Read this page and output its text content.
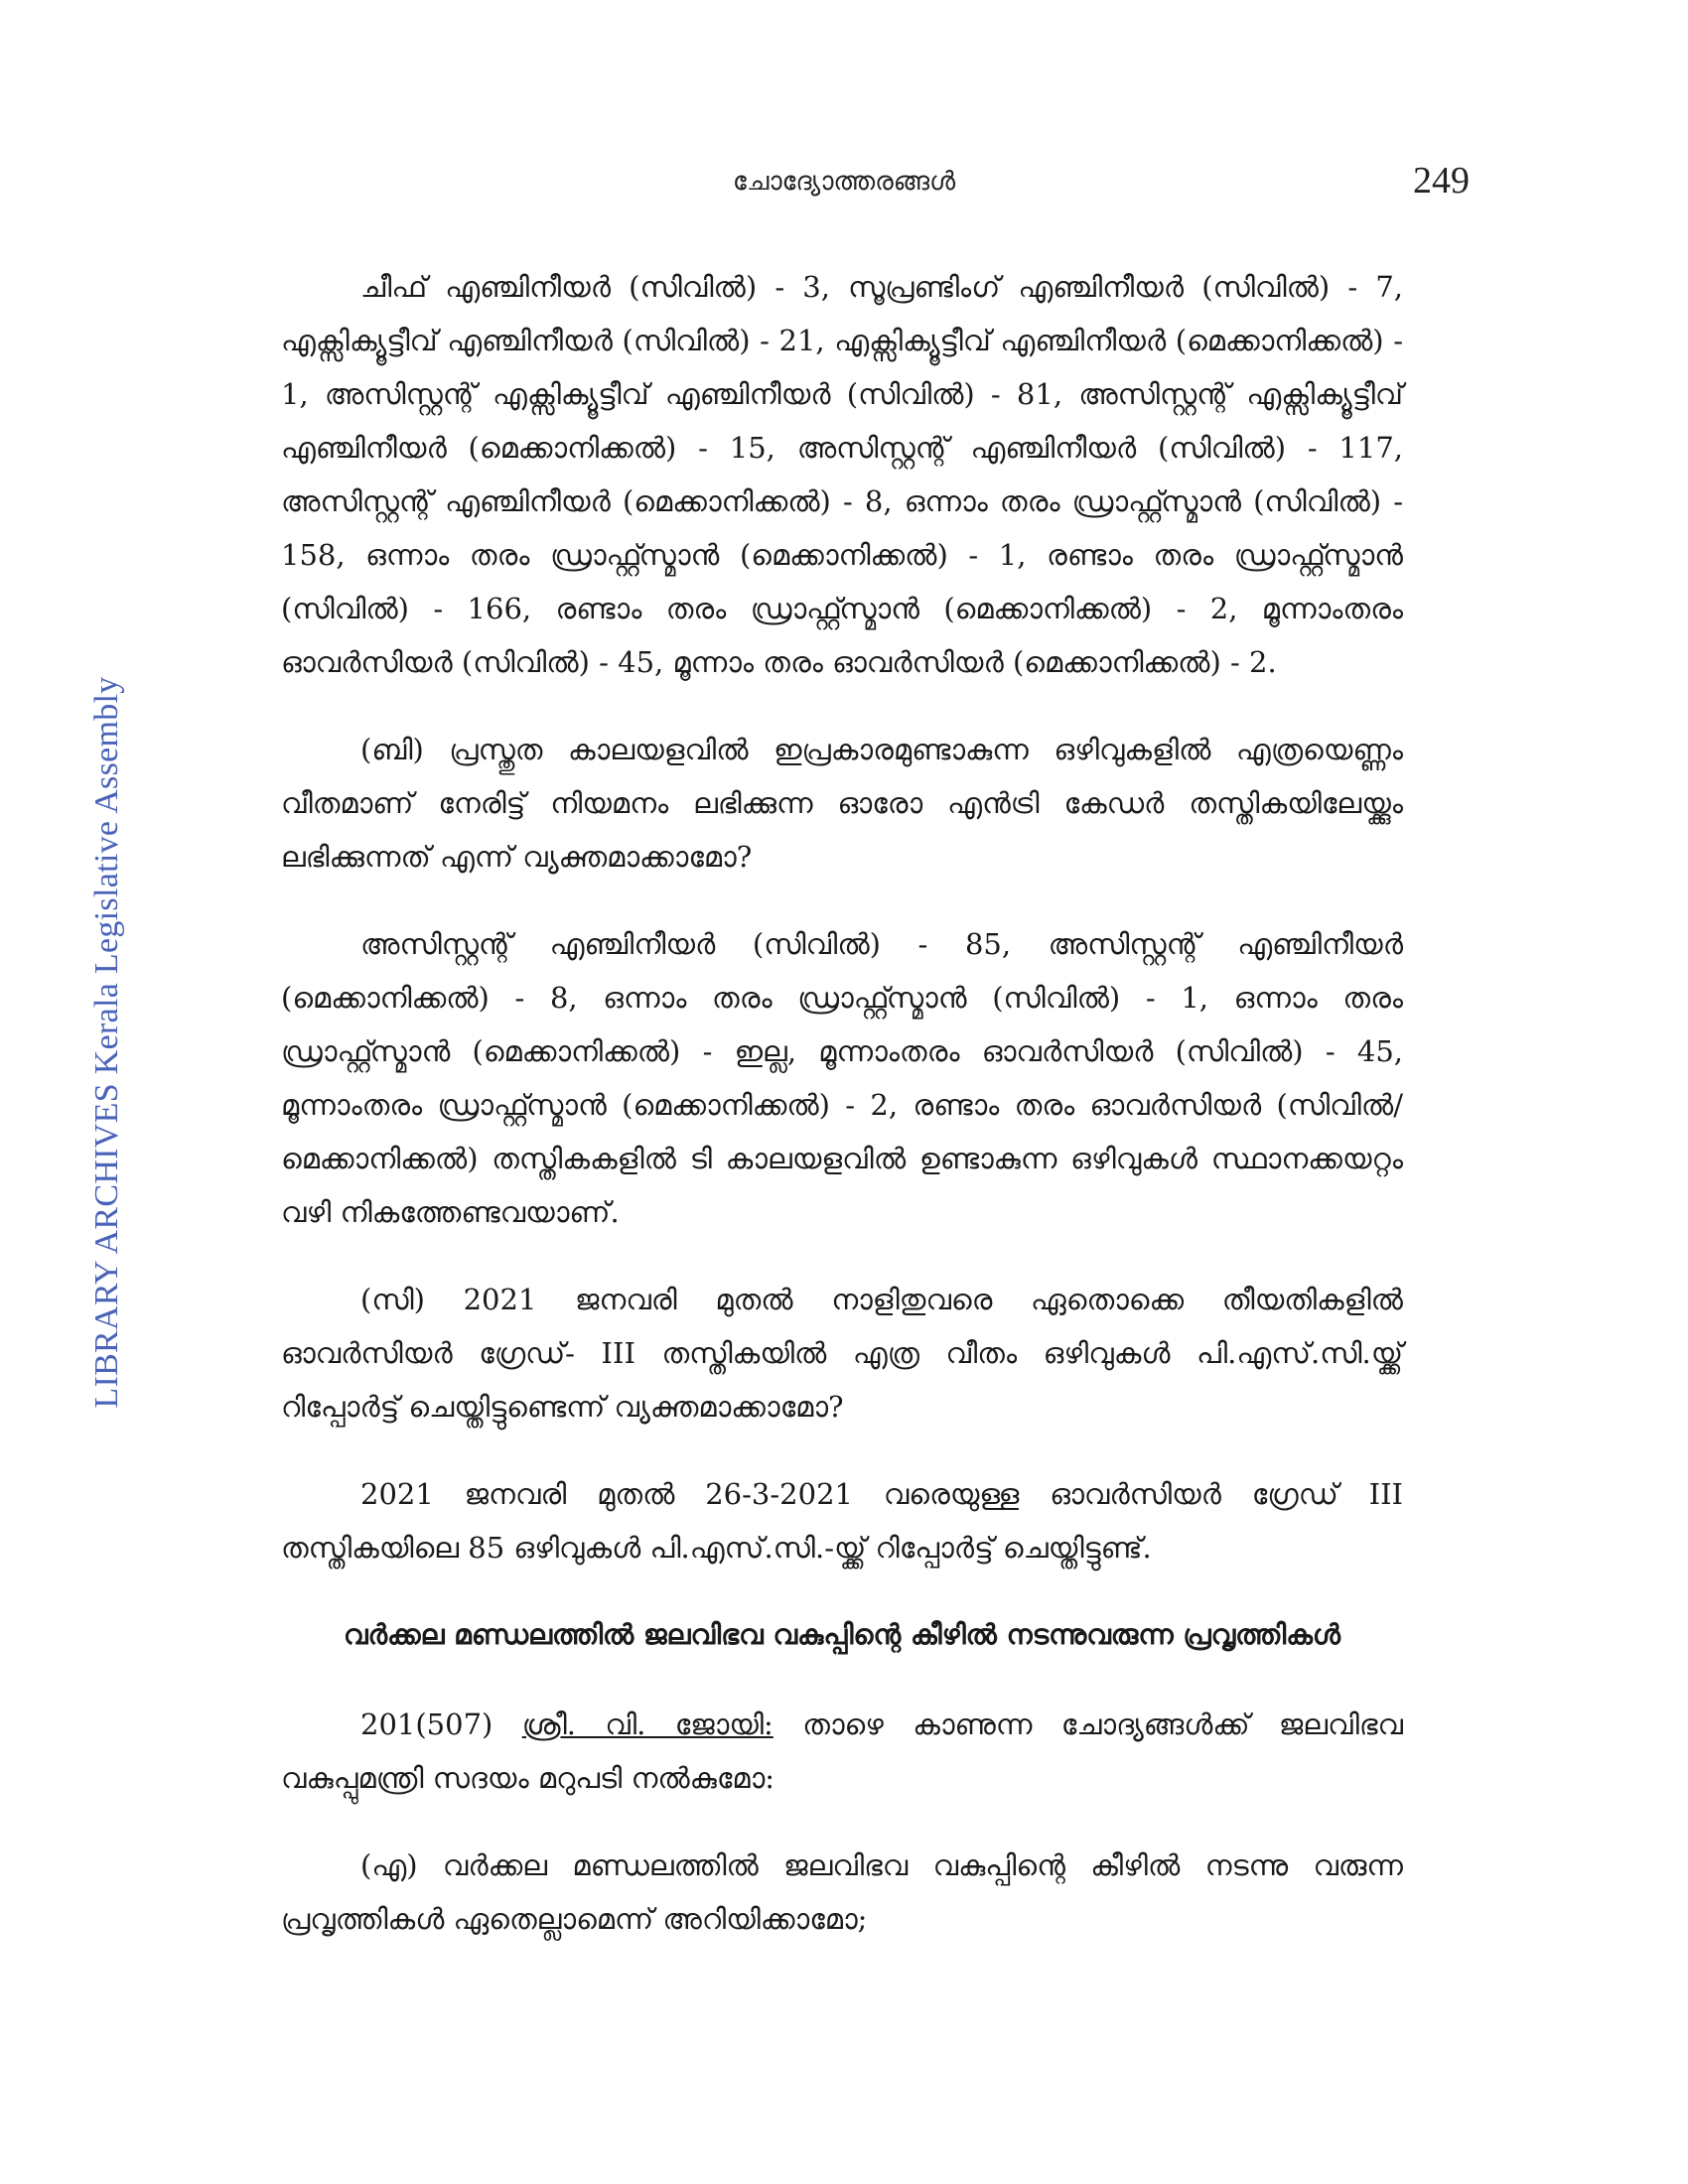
ചോദ്യോത്തരങ്ങൾ	249
LIBRARY ARCHIVES Kerala Legislative Assembly

ചീഫ് എഞ്ചിനീയർ (സിവിൽ) - 3, സൂപ്രണ്ടിംഗ് എഞ്ചിനീയർ (സിവിൽ) - 7, എക്സിക്യൂട്ടീവ് എഞ്ചിനീയർ (സിവിൽ) - 21, എക്സിക്യൂട്ടീവ് എഞ്ചിനീയർ (മെക്കാനിക്കൽ) - 1, അസിസ്റ്റന്റ് എക്സിക്യൂട്ടീവ് എഞ്ചിനീയർ (സിവിൽ) - 81, അസിസ്റ്റന്റ് എക്സിക്യൂട്ടീവ് എഞ്ചിനീയർ (മെക്കാനിക്കൽ) - 15, അസിസ്റ്റന്റ് എഞ്ചിനീയർ (സിവിൽ) - 117, അസിസ്റ്റന്റ് എഞ്ചിനീയർ (മെക്കാനിക്കൽ) - 8, ഒന്നാം തരം ഡ്രാഫ്റ്റ്സ്മാൻ (സിവിൽ) - 158, ഒന്നാം തരം ഡ്രാഫ്റ്റ്സ്മാൻ (മെക്കാനിക്കൽ) - 1, രണ്ടാം തരം ഡ്രാഫ്റ്റ്സ്മാൻ (സിവിൽ) - 166, രണ്ടാം തരം ഡ്രാഫ്റ്റ്സ്മാൻ (മെക്കാനിക്കൽ) - 2, മൂന്നാംതരം ഓവർസിയർ (സിവിൽ) - 45, മൂന്നാം തരം ഓവർസിയർ (മെക്കാനിക്കൽ) - 2.

(ബി) പ്രസ്തുത കാലയളവിൽ ഇപ്രകാരമുണ്ടാകുന്ന ഒഴിവുകളിൽ എത്രയെണ്ണം വീതമാണ് നേരിട്ട് നിയമനം ലഭിക്കുന്ന ഓരോ എൻട്രി കേഡർ തസ്തികയിലേയ്ക്കും ലഭിക്കുന്നത് എന്ന് വ്യക്തമാക്കാമോ?

അസിസ്റ്റന്റ് എഞ്ചിനീയർ (സിവിൽ) - 85, അസിസ്റ്റന്റ് എഞ്ചിനീയർ (മെക്കാനിക്കൽ) - 8, ഒന്നാം തരം ഡ്രാഫ്റ്റ്സ്മാൻ (സിവിൽ) - 1, ഒന്നാം തരം ഡ്രാഫ്റ്റ്സ്മാൻ (മെക്കാനിക്കൽ) - ഇല്ല, മൂന്നാംതരം ഓവർസിയർ (സിവിൽ) - 45, മൂന്നാംതരം ഡ്രാഫ്റ്റ്സ്മാൻ (മെക്കാനിക്കൽ) - 2, രണ്ടാം തരം ഓവർസിയർ (സിവിൽ/മെക്കാനിക്കൽ) തസ്തികകളിൽ ടി കാലയളവിൽ ഉണ്ടാകുന്ന ഒഴിവുകൾ സ്ഥാനക്കയറ്റം വഴി നികത്തേണ്ടവയാണ്.

(സി) 2021 ജനവരി മുതൽ നാളിതുവരെ ഏതൊക്കെ തീയതികളിൽ ഓവർസിയർ ഗ്രേഡ്- III തസ്തികയിൽ എത്ര വീതം ഒഴിവുകൾ പി.എസ്.സി.യ്ക്ക് റിപ്പോർട്ട് ചെയ്തിട്ടുണ്ടെന്ന് വ്യക്തമാക്കാമോ?

2021 ജനവരി മുതൽ 26-3-2021 വരെയുള്ള ഓവർസിയർ ഗ്രേഡ് III തസ്തികയിലെ 85 ഒഴിവുകൾ പി.എസ്.സി.-യ്ക്ക് റിപ്പോർട്ട് ചെയ്തിട്ടുണ്ട്.

വർക്കല മണ്ഡലത്തിൽ ജലവിഭവ വകുപ്പിന്റെ കീഴിൽ നടന്നുവരുന്ന പ്രവൃത്തികൾ

201(507) ശ്രീ. വി. ജോയി: താഴെ കാണുന്ന ചോദ്യങ്ങൾക്ക് ജലവിഭവ വകുപ്പുമന്ത്രി സദയം മറുപടി നൽകുമോ:

(എ) വർക്കല മണ്ഡലത്തിൽ ജലവിഭവ വകുപ്പിന്റെ കീഴിൽ നടന്നു വരുന്ന പ്രവൃത്തികൾ ഏതെല്ലാമെന്ന് അറിയിക്കാമോ;
